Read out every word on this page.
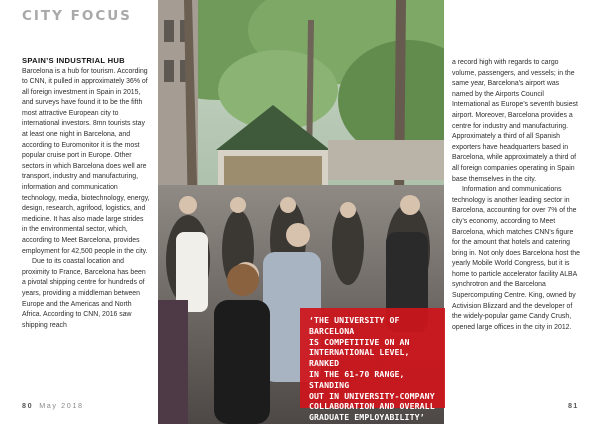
CITY FOCUS
SPAIN’S INDUSTRIAL HUB

Barcelona is a hub for tourism. According to CNN, it pulled in approximately 36% of all foreign investment in Spain in 2015, and surveys have found it to be the fifth most attractive European city to international investors. 8mn tourists stay at least one night in Barcelona, and according to Euromonitor it is the most popular cruise port in Europe. Other sectors in which Barcelona does well are transport, industry and manufacturing, information and communication technology, media, biotechnology, energy, design, research, agrifood, logistics, and medicine. It has also made large strides in the environmental sector, which, according to Meet Barcelona, provides employment for 42,500 people in the city.

Due to its coastal location and proximity to France, Barcelona has been a pivotal shipping centre for hundreds of years, providing a middleman between Europe and the Americas and North Africa. According to CNN, 2016 saw shipping reach

‘THE UNIVERSITY OF BARCELONA
IS COMPETITIVE ON AN
INTERNATIONAL LEVEL, RANKED
IN THE 61-70 RANGE, STANDING
OUT IN UNIVERSITY-COMPANY
COLLABORATION AND OVERALL
GRADUATE EMPLOYABILITY’

a record high with regards to cargo volume, passengers, and vessels; in the same year, Barcelona’s airport was named by the Airports Council International as Europe’s seventh busiest airport. Moreover, Barcelona provides a centre for industry and manufacturing. Approximately a third of all Spanish exporters have headquarters based in Barcelona, while approximately a third of all foreign companies operating in Spain base themselves in the city.

Information and communications technology is another leading sector in Barcelona, accounting for over 7% of the city’s economy, according to Meet Barcelona, which matches CNN’s figure for the amount that hotels and catering bring in. Not only does Barcelona host the yearly Mobile World Congress, but it is home to particle accelerator facility ALBA synchrotron and the Barcelona Supercomputing Centre. King, owned by Activision Blizzard and the developer of the widely-popular game Candy Crush, opened large offices in the city in 2012.

80 May 2018	81
